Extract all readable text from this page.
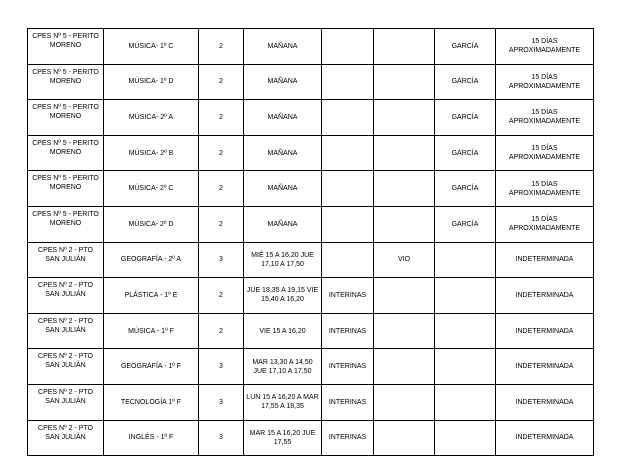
CPES Nº 5 - PERITO MORENO	MÚSICA- 1º C	2	MAÑANA			GARCÍA	15 DÍAS APROXIMADAMENTE
CPES Nº 5 - PERITO MORENO	MÚSICA- 1º D	2	MAÑANA			GARCÍA	15 DÍAS APROXIMADAMENTE
CPES Nº 5 - PERITO MORENO	MÚSICA- 2º A	2	MAÑANA			GARCÍA	15 DÍAS APROXIMADAMENTE
CPES Nº 5 - PERITO MORENO	MÚSICA- 2º B	2	MAÑANA			GARCÍA	15 DÍAS APROXIMADAMENTE
CPES Nº 5 - PERITO MORENO	MÚSICA- 2º C	2	MAÑANA			GARCÍA	15 DÍAS APROXIMADAMENTE
CPES Nº 5 - PERITO MORENO	MÚSICA- 2º D	2	MAÑANA			GARCÍA	15 DÍAS APROXIMADAMENTE
CPES Nº 2 - PTO SAN JULIÁN	GEOGRAFÍA - 2º A	3	MIÉ 15 A 16,20 JUE 17,10 A 17,50		VIO		INDETERMINADA
CPES Nº 2 - PTO SAN JULIÁN	PLÁSTICA - 1º E	2	JUE 18,35 A 19,15 VIE 15,40 A 16,20	INTERINAS			INDETERMINADA
CPES Nº 2 - PTO SAN JULIÁN	MÚSICA - 1º F	2	VIE 15 A 16,20	INTERINAS			INDETERMINADA
CPES Nº 2 - PTO SAN JULIÁN	GEOGRAFÍA - 1º F	3	MAR 13,30 A 14,50 JUE 17,10 A 17,50	INTERINAS			INDETERMINADA
CPES Nº 2 - PTO SAN JULIÁN	TECNOLOGÍA 1º F	3	LUN 15 A 16,20 A MAR 17,55 A 18,35	INTERINAS			INDETERMINADA
CPES Nº 2 - PTO SAN JULIÁN	INGLÉS - 1º F	3	MAR 15 A 16,20 JUE 17,55	INTERINAS			INDETERMINADA
